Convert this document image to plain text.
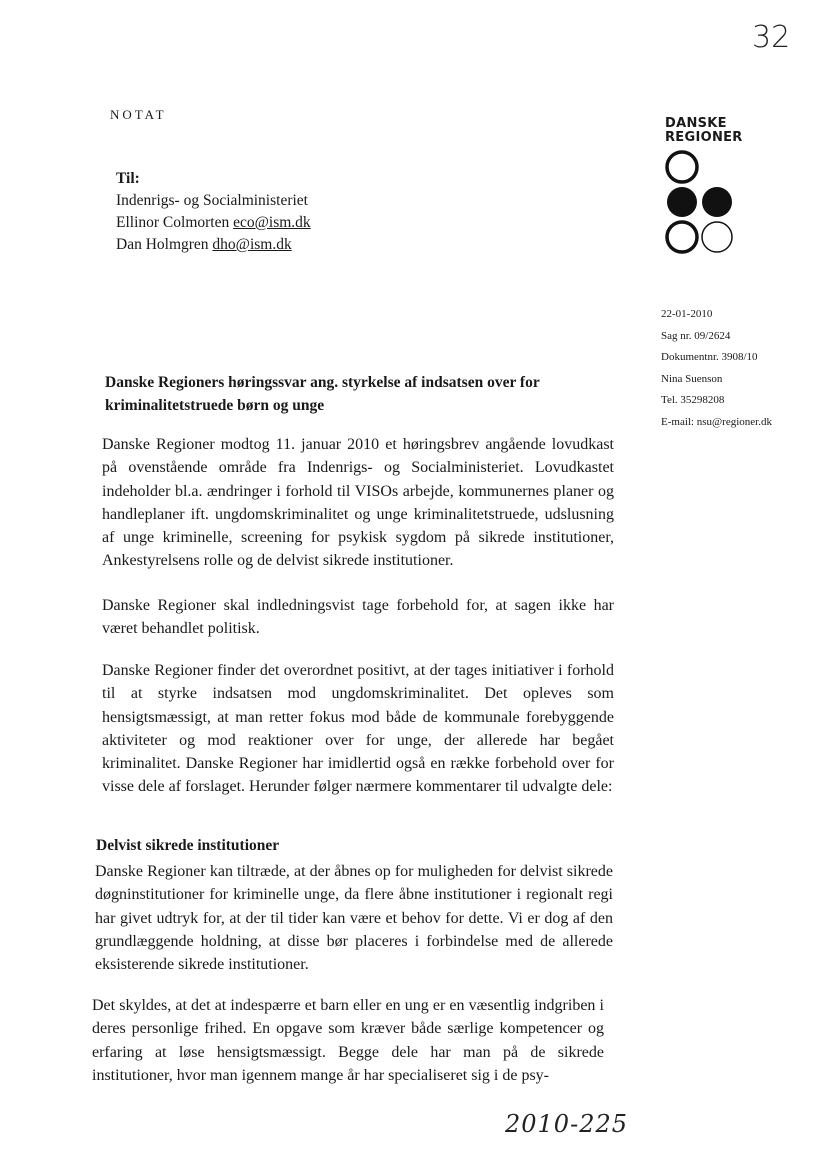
32
NOTAT
Til:
Indenrigs- og Socialministeriet
Ellinor Colmorten eco@ism.dk
Dan Holmgren dho@ism.dk
DANSKE
REGIONER
22-01-2010
Sag nr. 09/2624
Dokumentnr. 3908/10
Nina Suenson
Tel. 35298208
E-mail: nsu@regioner.dk
Danske Regioners høringssvar ang. styrkelse af indsatsen over for kriminalitetstruede børn og unge
Danske Regioner modtog 11. januar 2010 et høringsbrev angående lovudkast på ovenstående område fra Indenrigs- og Socialministeriet. Lovudkastet indeholder bl.a. ændringer i forhold til VISOs arbejde, kommunernes planer og handleplaner ift. ungdomskriminalitet og unge kriminalitetstruede, udslusning af unge kriminelle, screening for psykisk sygdom på sikrede institutioner, Ankestyrelsens rolle og de delvist sikrede institutioner.
Danske Regioner skal indledningsvist tage forbehold for, at sagen ikke har været behandlet politisk.
Danske Regioner finder det overordnet positivt, at der tages initiativer i forhold til at styrke indsatsen mod ungdomskriminalitet. Det opleves som hensigtsmæssigt, at man retter fokus mod både de kommunale forebyggende aktiviteter og mod reaktioner over for unge, der allerede har begået kriminalitet. Danske Regioner har imidlertid også en række forbehold over for visse dele af forslaget. Herunder følger nærmere kommentarer til udvalgte dele:
Delvist sikrede institutioner
Danske Regioner kan tiltræde, at der åbnes op for muligheden for delvist sikrede døgninstitutioner for kriminelle unge, da flere åbne institutioner i regionalt regi har givet udtryk for, at der til tider kan være et behov for dette. Vi er dog af den grundlæggende holdning, at disse bør placeres i forbindelse med de allerede eksisterende sikrede institutioner.
Det skyldes, at det at indespærre et barn eller en ung er en væsentlig indgriben i deres personlige frihed. En opgave som kræver både særlige kompetencer og erfaring at løse hensigtsmæssigt. Begge dele har man på de sikrede institutioner, hvor man igennem mange år har specialiseret sig i de psy-
2010-225
